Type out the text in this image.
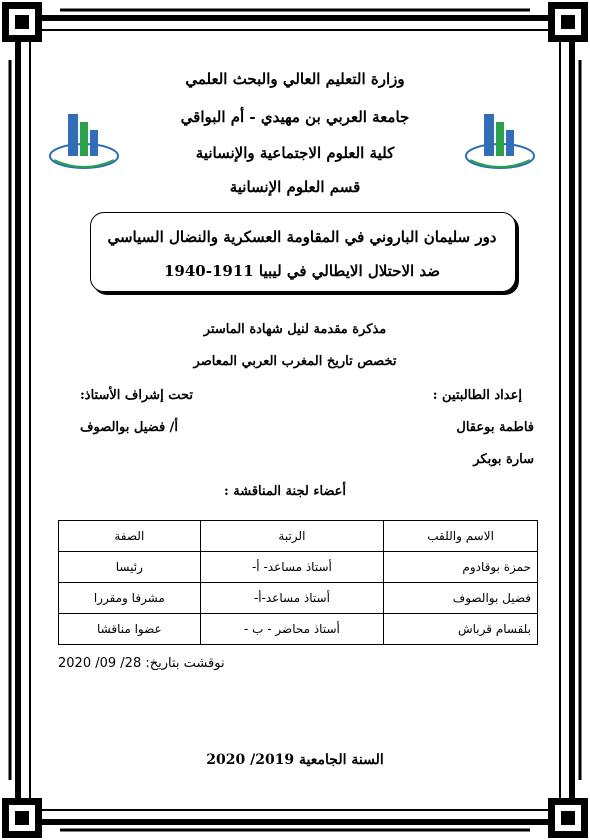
وزارة التعليم العالي والبحث العلمي
جامعة العربي بن مهيدي - أم البواقي
كلية العلوم الاجتماعية والإنسانية
قسم العلوم الإنسانية
دور سليمان الباروني في المقاومة العسكرية والنضال السياسي
ضد الاحتلال الايطالي في ليبيا 1911-1940
مذكرة مقدمة لنيل شهادة الماستر
تخصص تاريخ المغرب العربي المعاصر
إعداد الطالبتين :
فاطمة بوعقال
سارة بوبكر
تحت إشراف الأستاذ:
أ/ فضيل بوالصوف
أعضاء لجنة المناقشة :
الاسم واللقب	الرتبة	الصفة
حمزة بوقادوم	أستاذ مساعد- أ-	رئيسا
فضيل بوالصوف	أستاذ مساعد-أ-	مشرفا ومقررا
بلقسام قرباش	أستاذ محاضر - ب -	عضوا مناقشا
نوقشت بتاريخ: 28/ 09/ 2020
السنة الجامعية 2019/ 2020
